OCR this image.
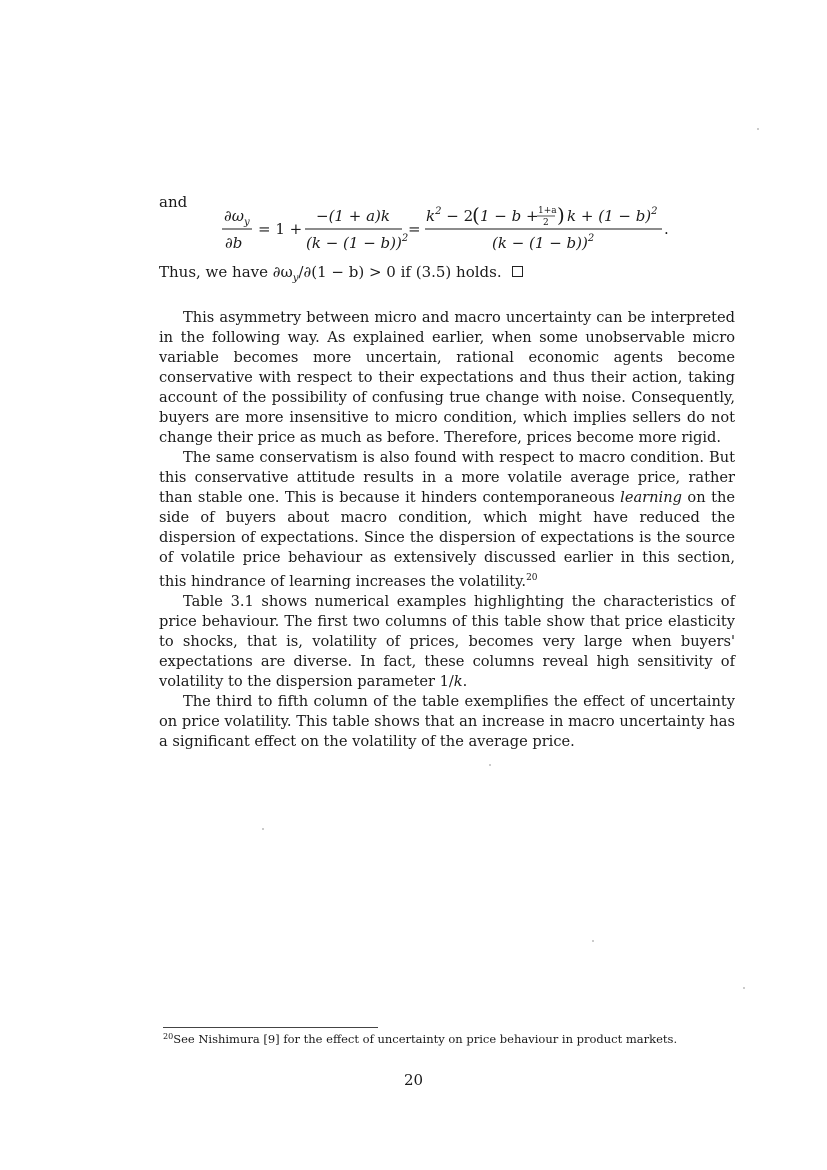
and
$\partial\omega_y$
∂b
= 1 +
−(1 + a)k
$(k - (1 - b))^2$
=
$k^2 - 2$
( 1 − b + 1+a
2 ) $k + (1 - b)^2$
$(k - (1 - b))^2$
.
Thus, we have $\partial\omega_y/\partial(1 - b) > 0$ if (3.5) holds.

This asymmetry between micro and macro uncertainty can be interpreted in the following way. As explained earlier, when some unobservable micro variable becomes more uncertain, rational economic agents become conservative with respect to their expectations and thus their action, taking account of the possibility of confusing true change with noise. Consequently, buyers are more insensitive to micro condition, which implies sellers do not change their price as much as before. Therefore, prices become more rigid.

The same conservatism is also found with respect to macro condition. But this conservative attitude results in a more volatile average price, rather than stable one. This is because it hinders contemporaneous learning on the side of buyers about macro condition, which might have reduced the dispersion of expectations. Since the dispersion of expectations is the source of volatile price behaviour as extensively discussed earlier in this section, this hindrance of learning increases the volatility.$^{20}$

Table 3.1 shows numerical examples highlighting the characteristics of price behaviour. The first two columns of this table show that price elasticity to shocks, that is, volatility of prices, becomes very large when buyers' expectations are diverse. In fact, these columns reveal high sensitivity of volatility to the dispersion parameter 1/k.

The third to fifth column of the table exemplifies the effect of uncertainty on price volatility. This table shows that an increase in macro uncertainty has a significant effect on the volatility of the average price.

$^{20}$See Nishimura [9] for the effect of uncertainty on price behaviour in product markets.
20
